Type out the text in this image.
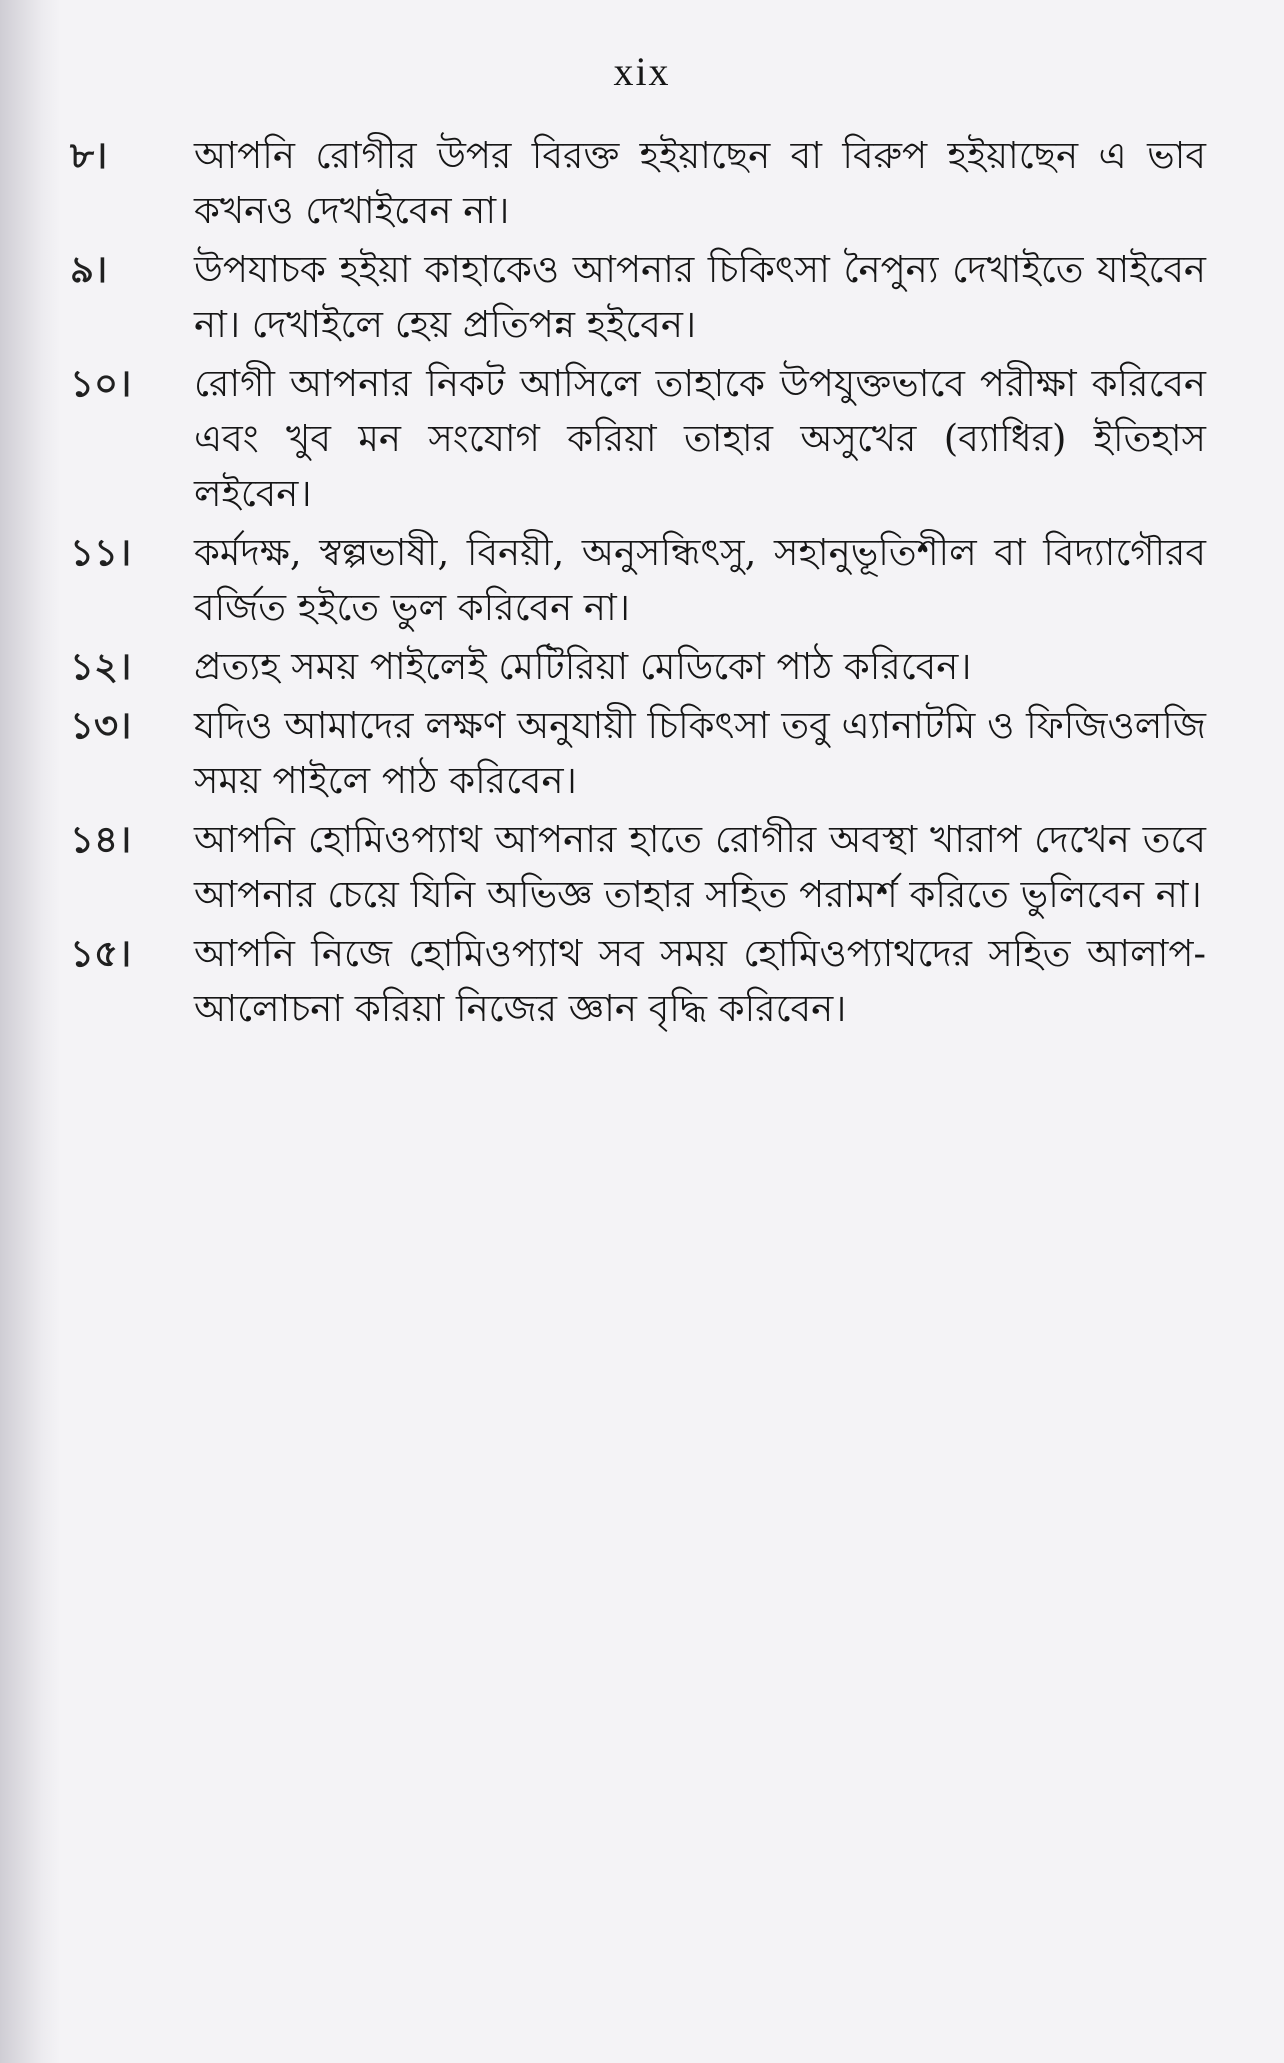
xix
৮।	আপনি রোগীর উপর বিরক্ত হইয়াছেন বা বিরুপ হইয়াছেন এ ভাব কখনও দেখাইবেন না।
৯।	উপযাচক হইয়া কাহাকেও আপনার চিকিৎসা নৈপুন্য দেখাইতে যাইবেন না। দেখাইলে হেয় প্রতিপন্ন হইবেন।
১০।	রোগী আপনার নিকট আসিলে তাহাকে উপযুক্তভাবে পরীক্ষা করিবেন এবং খুব মন সংযোগ করিয়া তাহার অসুখের (ব্যাধির) ইতিহাস লইবেন।
১১।	কর্মদক্ষ, স্বল্পভাষী, বিনয়ী, অনুসন্ধিৎসু, সহানুভূতিশীল বা বিদ্যাগৌরব বর্জিত হইতে ভুল করিবেন না।
১২।	প্রত্যহ সময় পাইলেই মেটিরিয়া মেডিকো পাঠ করিবেন।
১৩।	যদিও আমাদের লক্ষণ অনুযায়ী চিকিৎসা তবু এ্যানাটমি ও ফিজিওলজি সময় পাইলে পাঠ করিবেন।
১৪।	আপনি হোমিওপ্যাথ আপনার হাতে রোগীর অবস্থা খারাপ দেখেন তবে আপনার চেয়ে যিনি অভিজ্ঞ তাহার সহিত পরামর্শ করিতে ভুলিবেন না।
১৫।	আপনি নিজে হোমিওপ্যাথ সব সময় হোমিওপ্যাথদের সহিত আলাপ-আলোচনা করিয়া নিজের জ্ঞান বৃদ্ধি করিবেন।
